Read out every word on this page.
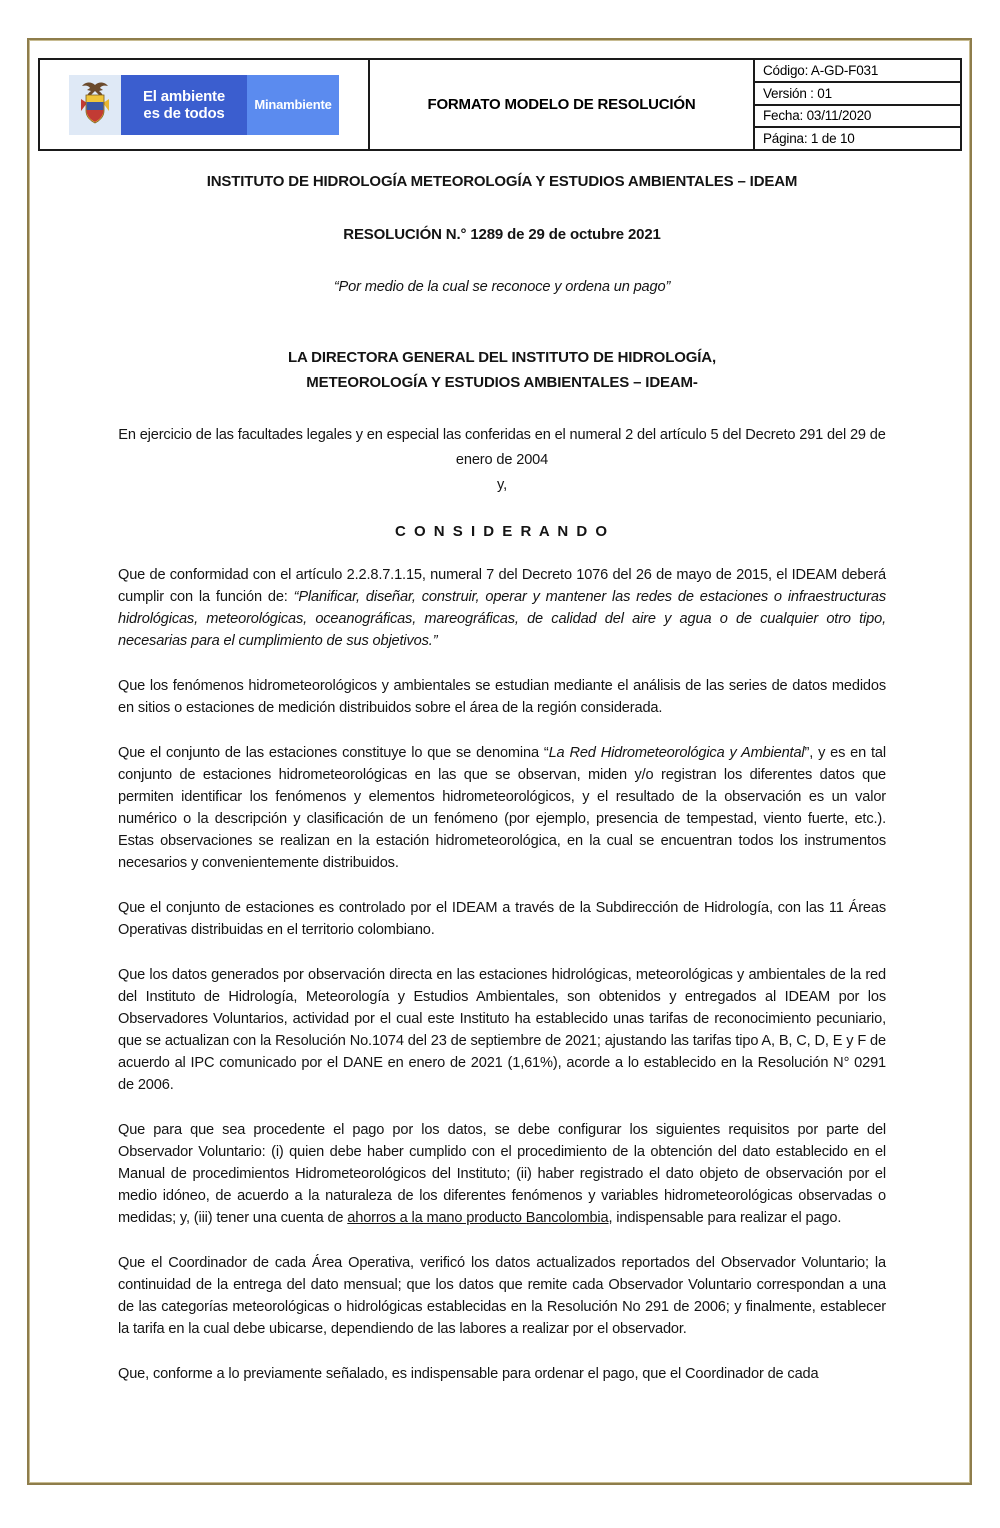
El ambiente
es de todos Minambiente	FORMATO MODELO DE RESOLUCIÓN
Código: A-GD-F031
Versión : 01
Fecha: 03/11/2020
Página: 1 de 10
INSTITUTO DE HIDROLOGÍA METEOROLOGÍA Y ESTUDIOS AMBIENTALES – IDEAM
RESOLUCIÓN N.° 1289 de 29 de octubre 2021
“Por medio de la cual se reconoce y ordena un pago”
LA DIRECTORA GENERAL DEL INSTITUTO DE HIDROLOGÍA,
METEOROLOGÍA Y ESTUDIOS AMBIENTALES – IDEAM-
En ejercicio de las facultades legales y en especial las conferidas en el numeral 2 del artículo 5 del Decreto 291 del 29 de enero de 2004
y,
C O N S I D E R A N D O

Que de conformidad con el artículo 2.2.8.7.1.15, numeral 7 del Decreto 1076 del 26 de mayo de 2015, el IDEAM deberá cumplir con la función de: “Planificar, diseñar, construir, operar y mantener las redes de estaciones o infraestructuras hidrológicas, meteorológicas, oceanográficas, mareográficas, de calidad del aire y agua o de cualquier otro tipo, necesarias para el cumplimiento de sus objetivos.”

Que los fenómenos hidrometeorológicos y ambientales se estudian mediante el análisis de las series de datos medidos en sitios o estaciones de medición distribuidos sobre el área de la región considerada.

Que el conjunto de las estaciones constituye lo que se denomina “La Red Hidrometeorológica y Ambiental”, y es en tal conjunto de estaciones hidrometeorológicas en las que se observan, miden y/o registran los diferentes datos que permiten identificar los fenómenos y elementos hidrometeorológicos, y el resultado de la observación es un valor numérico o la descripción y clasificación de un fenómeno (por ejemplo, presencia de tempestad, viento fuerte, etc.). Estas observaciones se realizan en la estación hidrometeorológica, en la cual se encuentran todos los instrumentos necesarios y convenientemente distribuidos.

Que el conjunto de estaciones es controlado por el IDEAM a través de la Subdirección de Hidrología, con las 11 Áreas Operativas distribuidas en el territorio colombiano.

Que los datos generados por observación directa en las estaciones hidrológicas, meteorológicas y ambientales de la red del Instituto de Hidrología, Meteorología y Estudios Ambientales, son obtenidos y entregados al IDEAM por los Observadores Voluntarios, actividad por el cual este Instituto ha establecido unas tarifas de reconocimiento pecuniario, que se actualizan con la Resolución No.1074 del 23 de septiembre de 2021; ajustando las tarifas tipo A, B, C, D, E y F de acuerdo al IPC comunicado por el DANE en enero de 2021 (1,61%), acorde a lo establecido en la Resolución N° 0291 de 2006.

Que para que sea procedente el pago por los datos, se debe configurar los siguientes requisitos por parte del Observador Voluntario: (i) quien debe haber cumplido con el procedimiento de la obtención del dato establecido en el Manual de procedimientos Hidrometeorológicos del Instituto; (ii) haber registrado el dato objeto de observación por el medio idóneo, de acuerdo a la naturaleza de los diferentes fenómenos y variables hidrometeorológicas observadas o medidas; y, (iii) tener una cuenta de ahorros a la mano producto Bancolombia, indispensable para realizar el pago.

Que el Coordinador de cada Área Operativa, verificó los datos actualizados reportados del Observador Voluntario; la continuidad de la entrega del dato mensual; que los datos que remite cada Observador Voluntario correspondan a una de las categorías meteorológicas o hidrológicas establecidas en la Resolución No 291 de 2006; y finalmente, establecer la tarifa en la cual debe ubicarse, dependiendo de las labores a realizar por el observador.

Que, conforme a lo previamente señalado, es indispensable para ordenar el pago, que el Coordinador de cada
